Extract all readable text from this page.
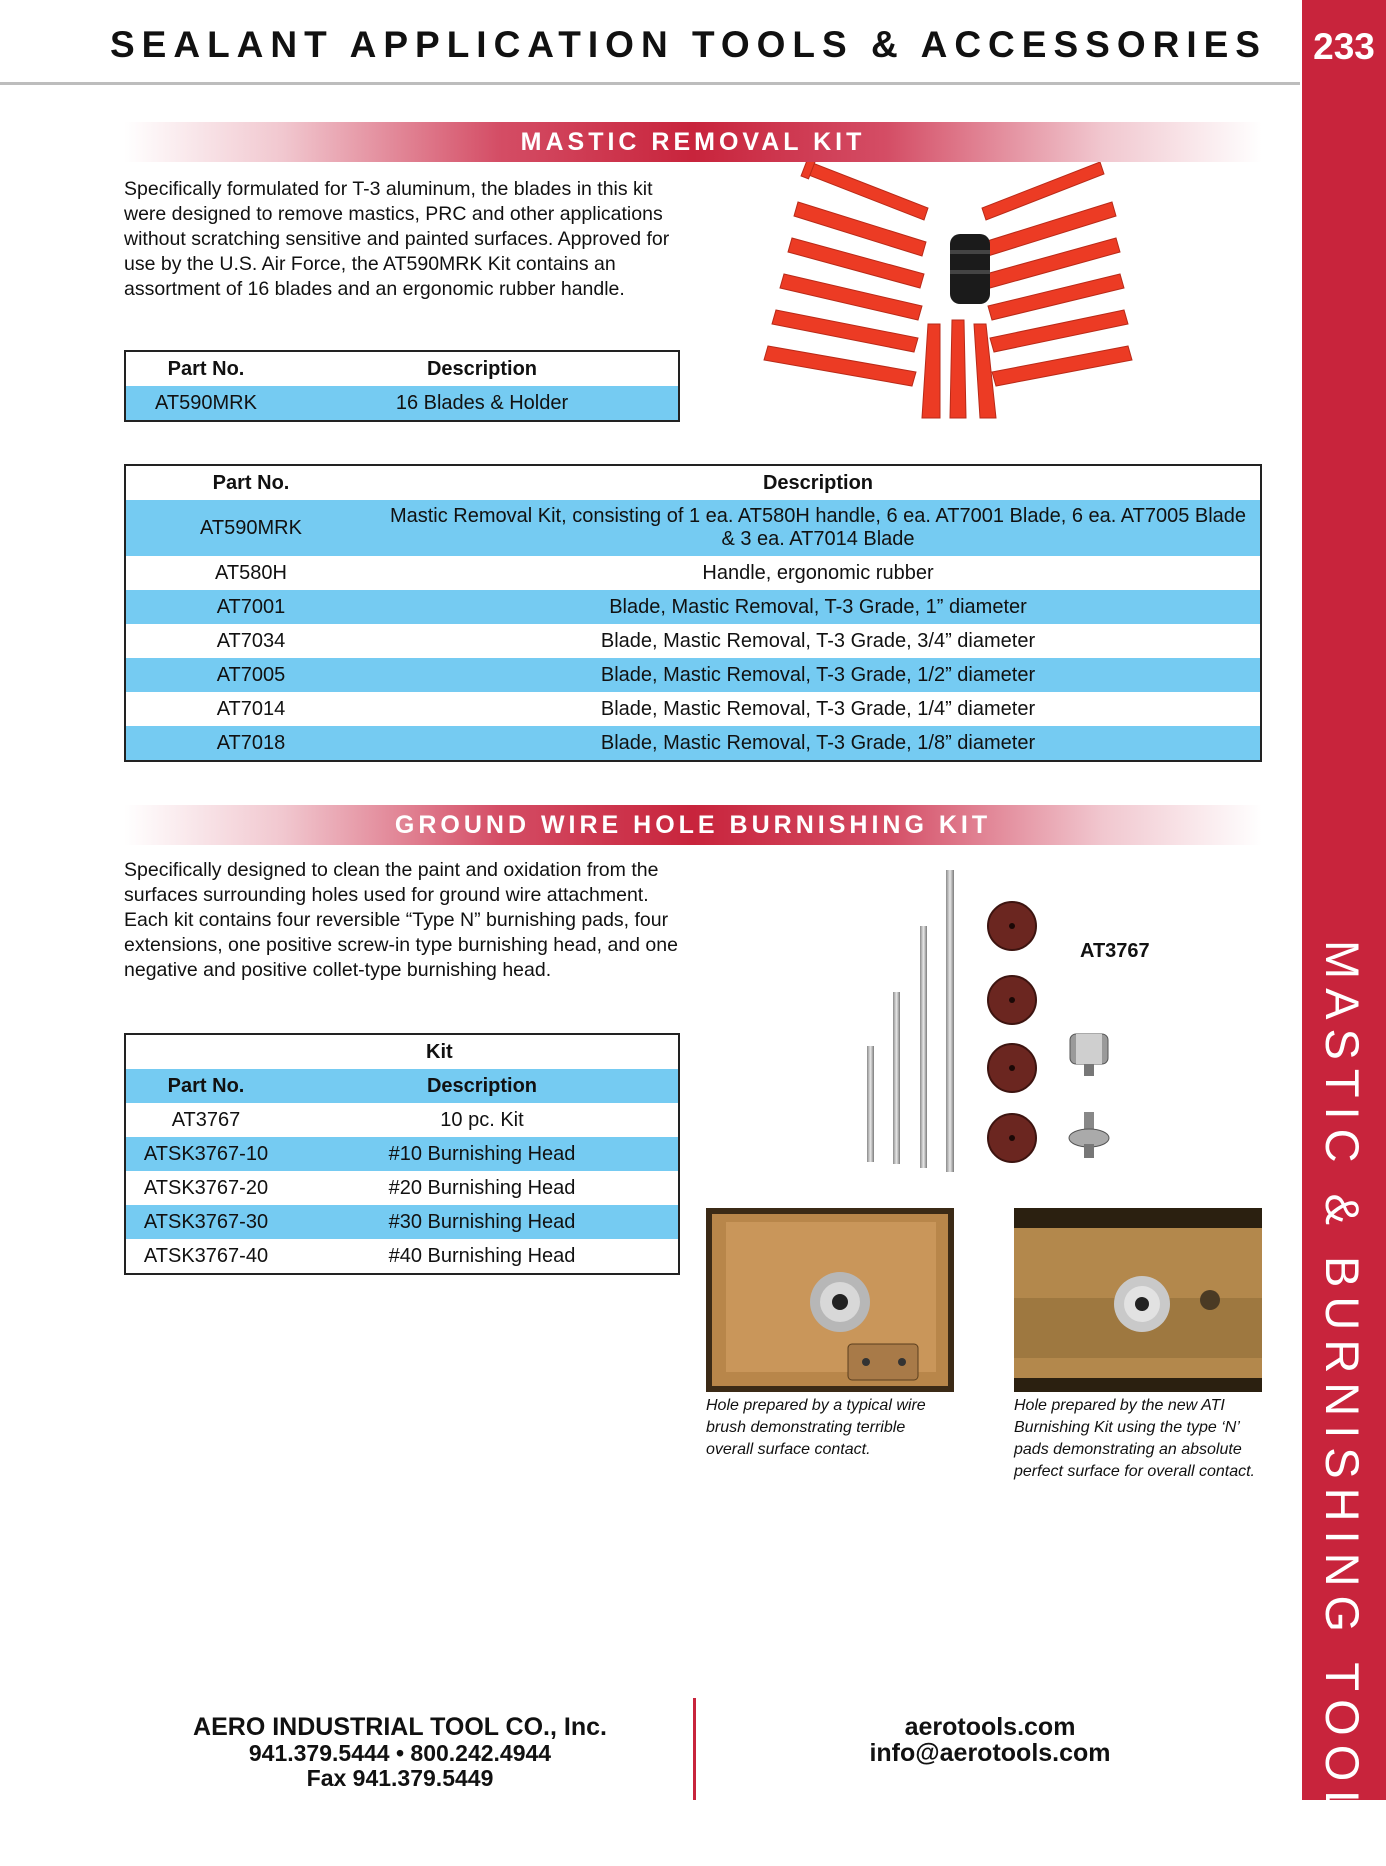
SEALANT APPLICATION TOOLS & ACCESSORIES	233
MASTIC & BURNISHING TOOLS
MASTIC REMOVAL KIT
Specifically formulated for T-3 aluminum, the blades in this kit were designed to remove mastics, PRC and other applications without scratching sensitive and painted surfaces. Approved for use by the U.S. Air Force, the AT590MRK Kit contains an assortment of 16 blades and an ergonomic rubber handle.
Part No.	Description
AT590MRK	16 Blades & Holder
Part No.	Description
AT590MRK	Mastic Removal Kit, consisting of 1 ea. AT580H handle, 6 ea. AT7001 Blade, 6 ea. AT7005 Blade & 3 ea. AT7014 Blade
AT580H	Handle, ergonomic rubber
AT7001	Blade, Mastic Removal, T-3 Grade, 1” diameter
AT7034	Blade, Mastic Removal, T-3 Grade, 3/4” diameter
AT7005	Blade, Mastic Removal, T-3 Grade, 1/2” diameter
AT7014	Blade, Mastic Removal, T-3 Grade, 1/4” diameter
AT7018	Blade, Mastic Removal, T-3 Grade, 1/8” diameter
GROUND WIRE HOLE BURNISHING KIT
Specifically designed to clean the paint and oxidation from the surfaces surrounding holes used for ground wire attachment. Each kit contains four reversible “Type N” burnishing pads, four extensions, one positive screw-in type burnishing head, and one negative and positive collet-type burnishing head.
	Kit
Part No.	Description
AT3767	10 pc. Kit
ATSK3767-10	#10 Burnishing Head
ATSK3767-20	#20 Burnishing Head
ATSK3767-30	#30 Burnishing Head
ATSK3767-40	#40 Burnishing Head
AT3767
Hole prepared by a typical wire brush demonstrating terrible overall surface contact.
Hole prepared by the new ATI Burnishing Kit using the type ‘N’ pads demonstrating an absolute perfect surface for overall contact.
AERO INDUSTRIAL TOOL CO., Inc.
941.379.5444 • 800.242.4944
Fax 941.379.5449
aerotools.com
info@aerotools.com
